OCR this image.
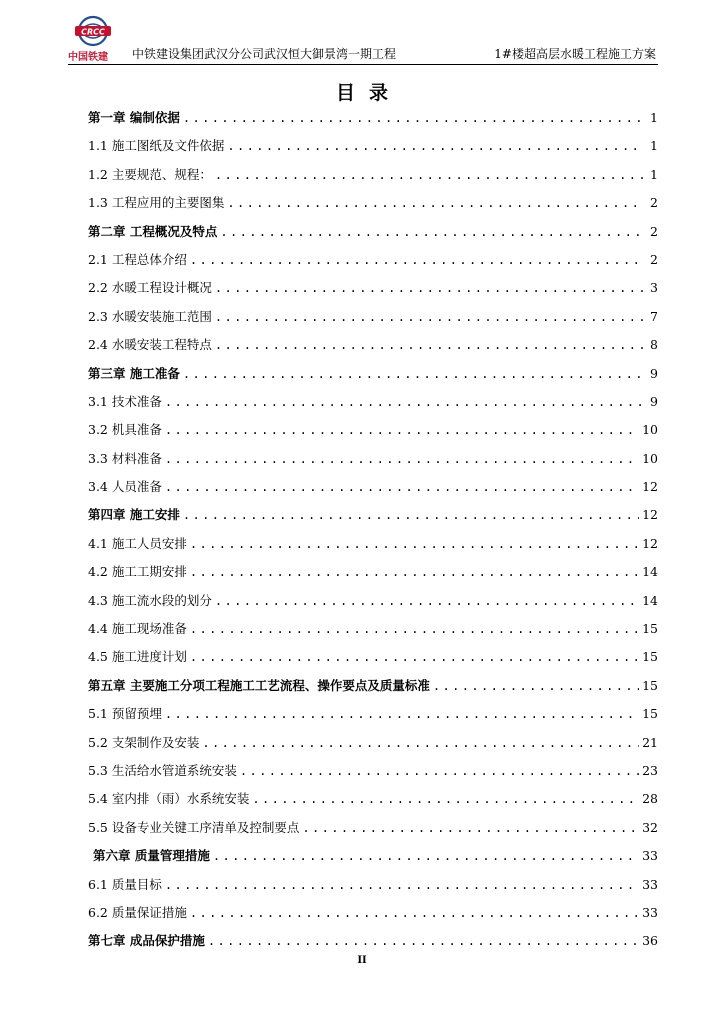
CRCC
中国铁建	中铁建设集团武汉分公司武汉恒大御景湾一期工程	1#楼超高层水暖工程施工方案
目录
第一章 编制依据 .....	1
1.1 施工图纸及文件依据 .....	1
1.2 主要规范、规程： .....	1
1.3 工程应用的主要图集 .....	2
第二章 工程概况及特点 .....	2
2.1 工程总体介绍 .....	2
2.2 水暖工程设计概况 .....	3
2.3 水暖安装施工范围 .....	7
2.4 水暖安装工程特点 .....	8
第三章 施工准备 .....	9
3.1 技术准备 .....	9
3.2 机具准备 .....	10
3.3 材料准备 .....	10
3.4 人员准备 .....	12
第四章 施工安排 .....	12
4.1 施工人员安排 .....	12
4.2 施工工期安排 .....	14
4.3 施工流水段的划分 .....	14
4.4 施工现场准备 .....	15
4.5 施工进度计划 .....	15
第五章 主要施工分项工程施工工艺流程、操作要点及质量标准 .....	15
5.1 预留预埋 .....	15
5.2 支架制作及安装 .....	21
5.3 生活给水管道系统安装 .....	23
5.4 室内排（雨）水系统安装 .....	28
5.5 设备专业关键工序清单及控制要点 .....	32
第六章 质量管理措施 .....	33
6.1 质量目标 .....	33
6.2 质量保证措施 .....	33
第七章 成品保护措施 .....	36
II
